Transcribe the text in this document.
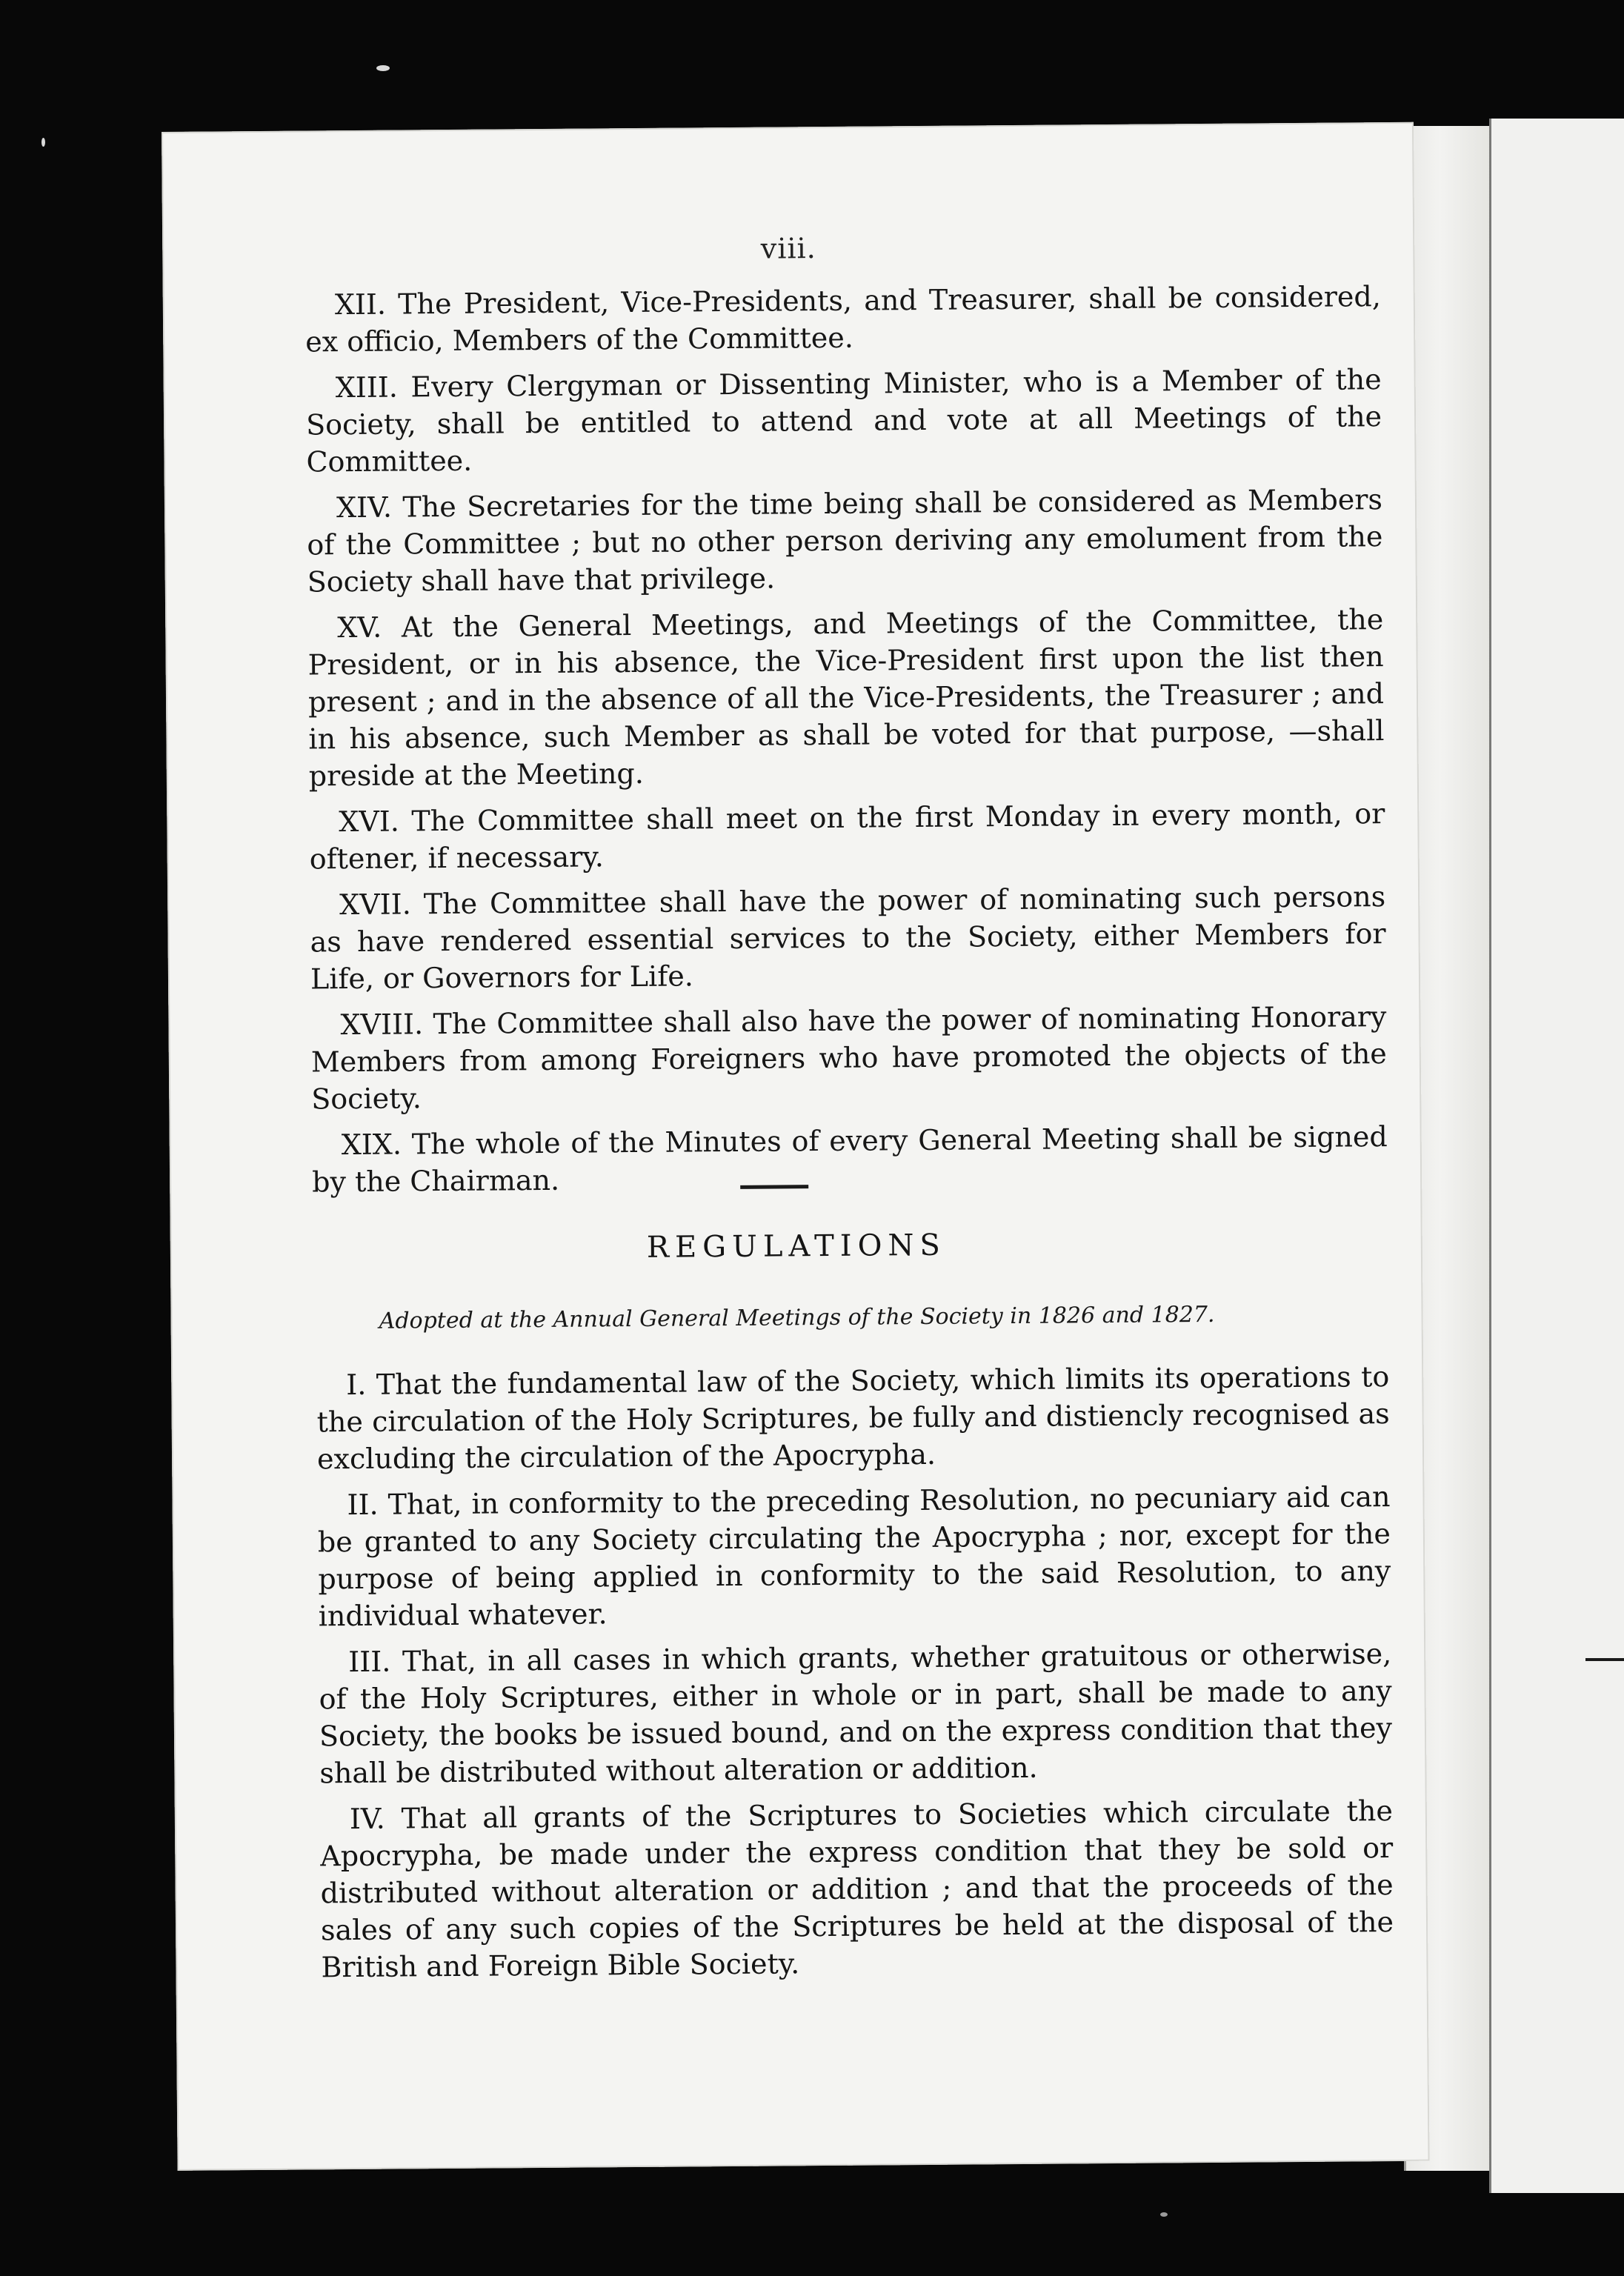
viii.

XII. The President, Vice-Presidents, and Treasurer, shall be considered, ex officio, Members of the Committee.

XIII. Every Clergyman or Dissenting Minister, who is a Member of the Society, shall be entitled to attend and vote at all Meetings of the Committee.

XIV. The Secretaries for the time being shall be considered as Members of the Committee ; but no other person deriving any emolument from the Society shall have that privilege.

XV. At the General Meetings, and Meetings of the Committee, the President, or in his absence, the Vice-President first upon the list then present ; and in the absence of all the Vice-Presidents, the Treasurer ; and in his absence, such Member as shall be voted for that purpose, —shall preside at the Meeting.

XVI. The Committee shall meet on the first Monday in every month, or oftener, if necessary.

XVII. The Committee shall have the power of nominating such persons as have rendered essential services to the Society, either Members for Life, or Governors for Life.

XVIII. The Committee shall also have the power of nominating Honorary Members from among Foreigners who have promoted the objects of the Society.

XIX. The whole of the Minutes of every General Meeting shall be signed by the Chairman.

REGULATIONS
Adopted at the Annual General Meetings of the Society in 1826 and 1827.

I. That the fundamental law of the Society, which limits its operations to the circulation of the Holy Scriptures, be fully and distiencly recognised as excluding the circulation of the Apocrypha.

II. That, in conformity to the preceding Resolution, no pecuniary aid can be granted to any Society circulating the Apocrypha ; nor, except for the purpose of being applied in conformity to the said Resolution, to any individual whatever.

III. That, in all cases in which grants, whether gratuitous or otherwise, of the Holy Scriptures, either in whole or in part, shall be made to any Society, the books be issued bound, and on the express condition that they shall be distributed without alteration or addition.

IV. That all grants of the Scriptures to Societies which circulate the Apocrypha, be made under the express condition that they be sold or distributed without alteration or addition ; and that the proceeds of the sales of any such copies of the Scriptures be held at the disposal of the British and Foreign Bible Society.
